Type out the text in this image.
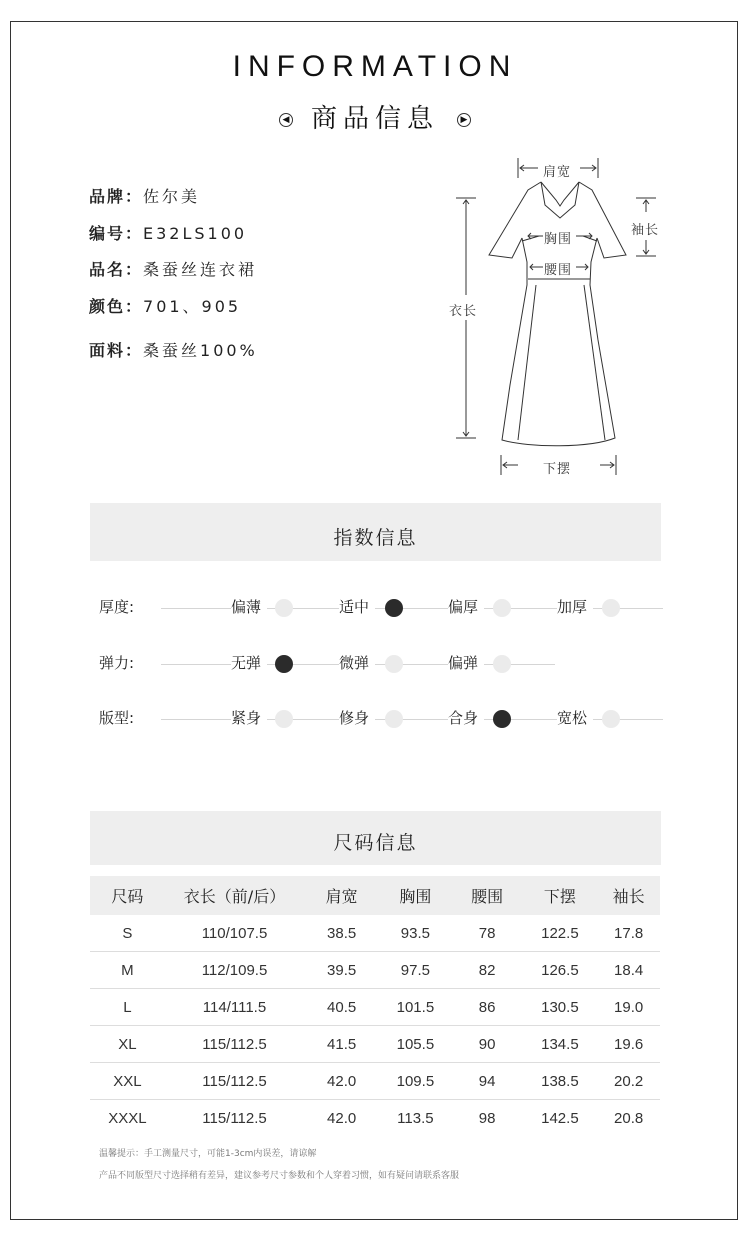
INFORMATION
◀ 商品信息 ▶
品牌：佐尔美
编号：E32LS100
品名：桑蚕丝连衣裙
颜色：701、905
面料：桑蚕丝100%
肩宽
袖长
胸围
腰围
衣长
下摆
指数信息
厚度:	偏薄	适中	偏厚	加厚
弹力:	无弹	微弹	偏弹
版型:	紧身	修身	合身	宽松
尺码信息
尺码	衣长（前/后）	肩宽	胸围	腰围	下摆	袖长
S	110/107.5	38.5	93.5	78	122.5	17.8
M	112/109.5	39.5	97.5	82	126.5	18.4
L	114/111.5	40.5	101.5	86	130.5	19.0
XL	115/112.5	41.5	105.5	90	134.5	19.6
XXL	115/112.5	42.0	109.5	94	138.5	20.2
XXXL	115/112.5	42.0	113.5	98	142.5	20.8
温馨提示：手工测量尺寸，可能1-3cm内误差，请谅解
产品不同版型尺寸选择稍有差异，建议参考尺寸参数和个人穿着习惯，如有疑问请联系客服
